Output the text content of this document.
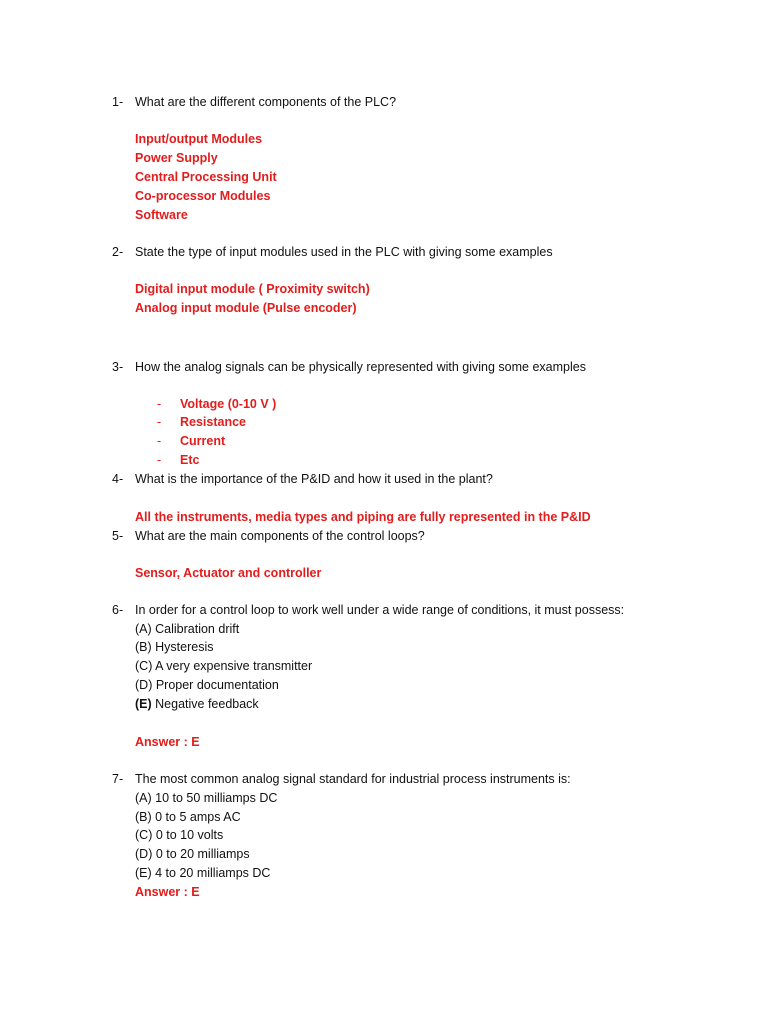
1- What are the different components of the PLC?
Input/output Modules
Power Supply
Central Processing Unit
Co-processor Modules
Software
2- State the type of input modules used in the PLC with giving some examples
Digital input module ( Proximity switch)
Analog input module (Pulse encoder)
3- How the analog signals can be physically represented with giving some examples
- Voltage (0-10 V )
- Resistance
- Current
- Etc
4- What is the importance of the P&ID and how it used in the plant?
All the instruments, media types and piping are fully represented in the P&ID
5- What are the main components of the control loops?
Sensor, Actuator and controller
6- In order for a control loop to work well under a wide range of conditions, it must possess:
(A) Calibration drift
(B) Hysteresis
(C) A very expensive transmitter
(D) Proper documentation
(E) Negative feedback
Answer : E
7- The most common analog signal standard for industrial process instruments is:
(A) 10 to 50 milliamps DC
(B) 0 to 5 amps AC
(C) 0 to 10 volts
(D) 0 to 20 milliamps
(E) 4 to 20 milliamps DC
Answer : E
